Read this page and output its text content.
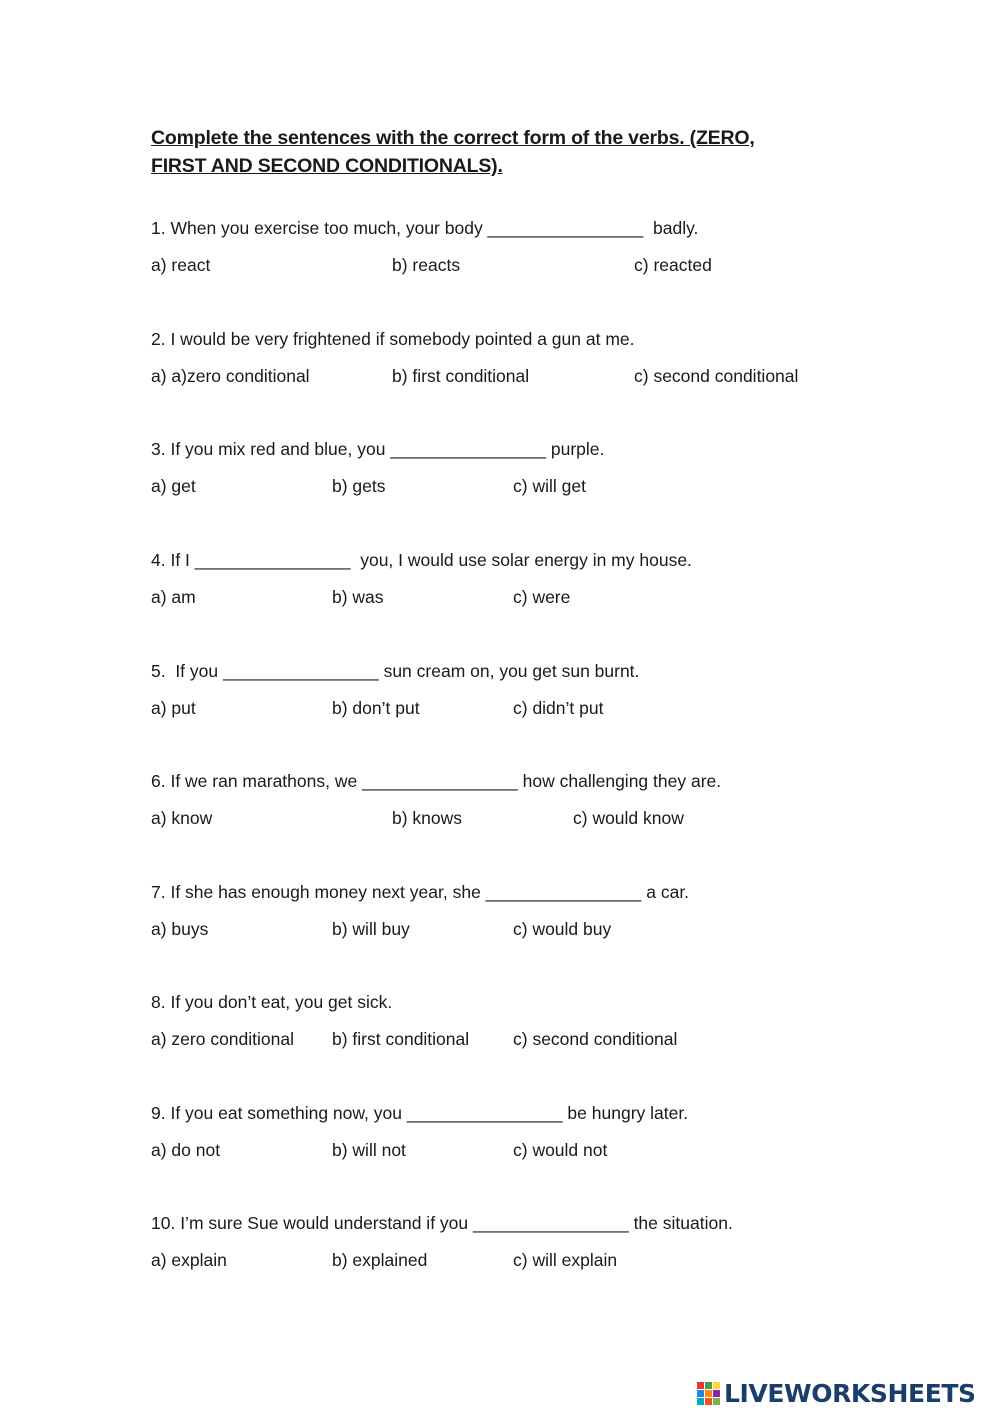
Complete the sentences with the correct form of the verbs. (ZERO,
FIRST AND SECOND CONDITIONALS).

1. When you exercise too much, your body ________________  badly.

a) react	b) reacts	c) reacted

2. I would be very frightened if somebody pointed a gun at me.

a) a)zero conditional	b) first conditional	c) second conditional

3. If you mix red and blue, you ________________ purple.

a) get	b) gets	c) will get

4. If I ________________  you, I would use solar energy in my house.

a) am	b) was	c) were

5.  If you ________________ sun cream on, you get sun burnt.

a) put	b) don’t put	c) didn’t put

6. If we ran marathons, we ________________ how challenging they are.

a) know	b) knows	c) would know

7. If she has enough money next year, she ________________ a car.

a) buys	b) will buy	c) would buy

8. If you don’t eat, you get sick.

a) zero conditional b) first conditional	c) second conditional

9. If you eat something now, you ________________ be hungry later.

a) do not	b) will not	c) would not

10. I’m sure Sue would understand if you ________________ the situation.

a) explain	b) explained	c) will explain
LIVEWORKSHEETS
